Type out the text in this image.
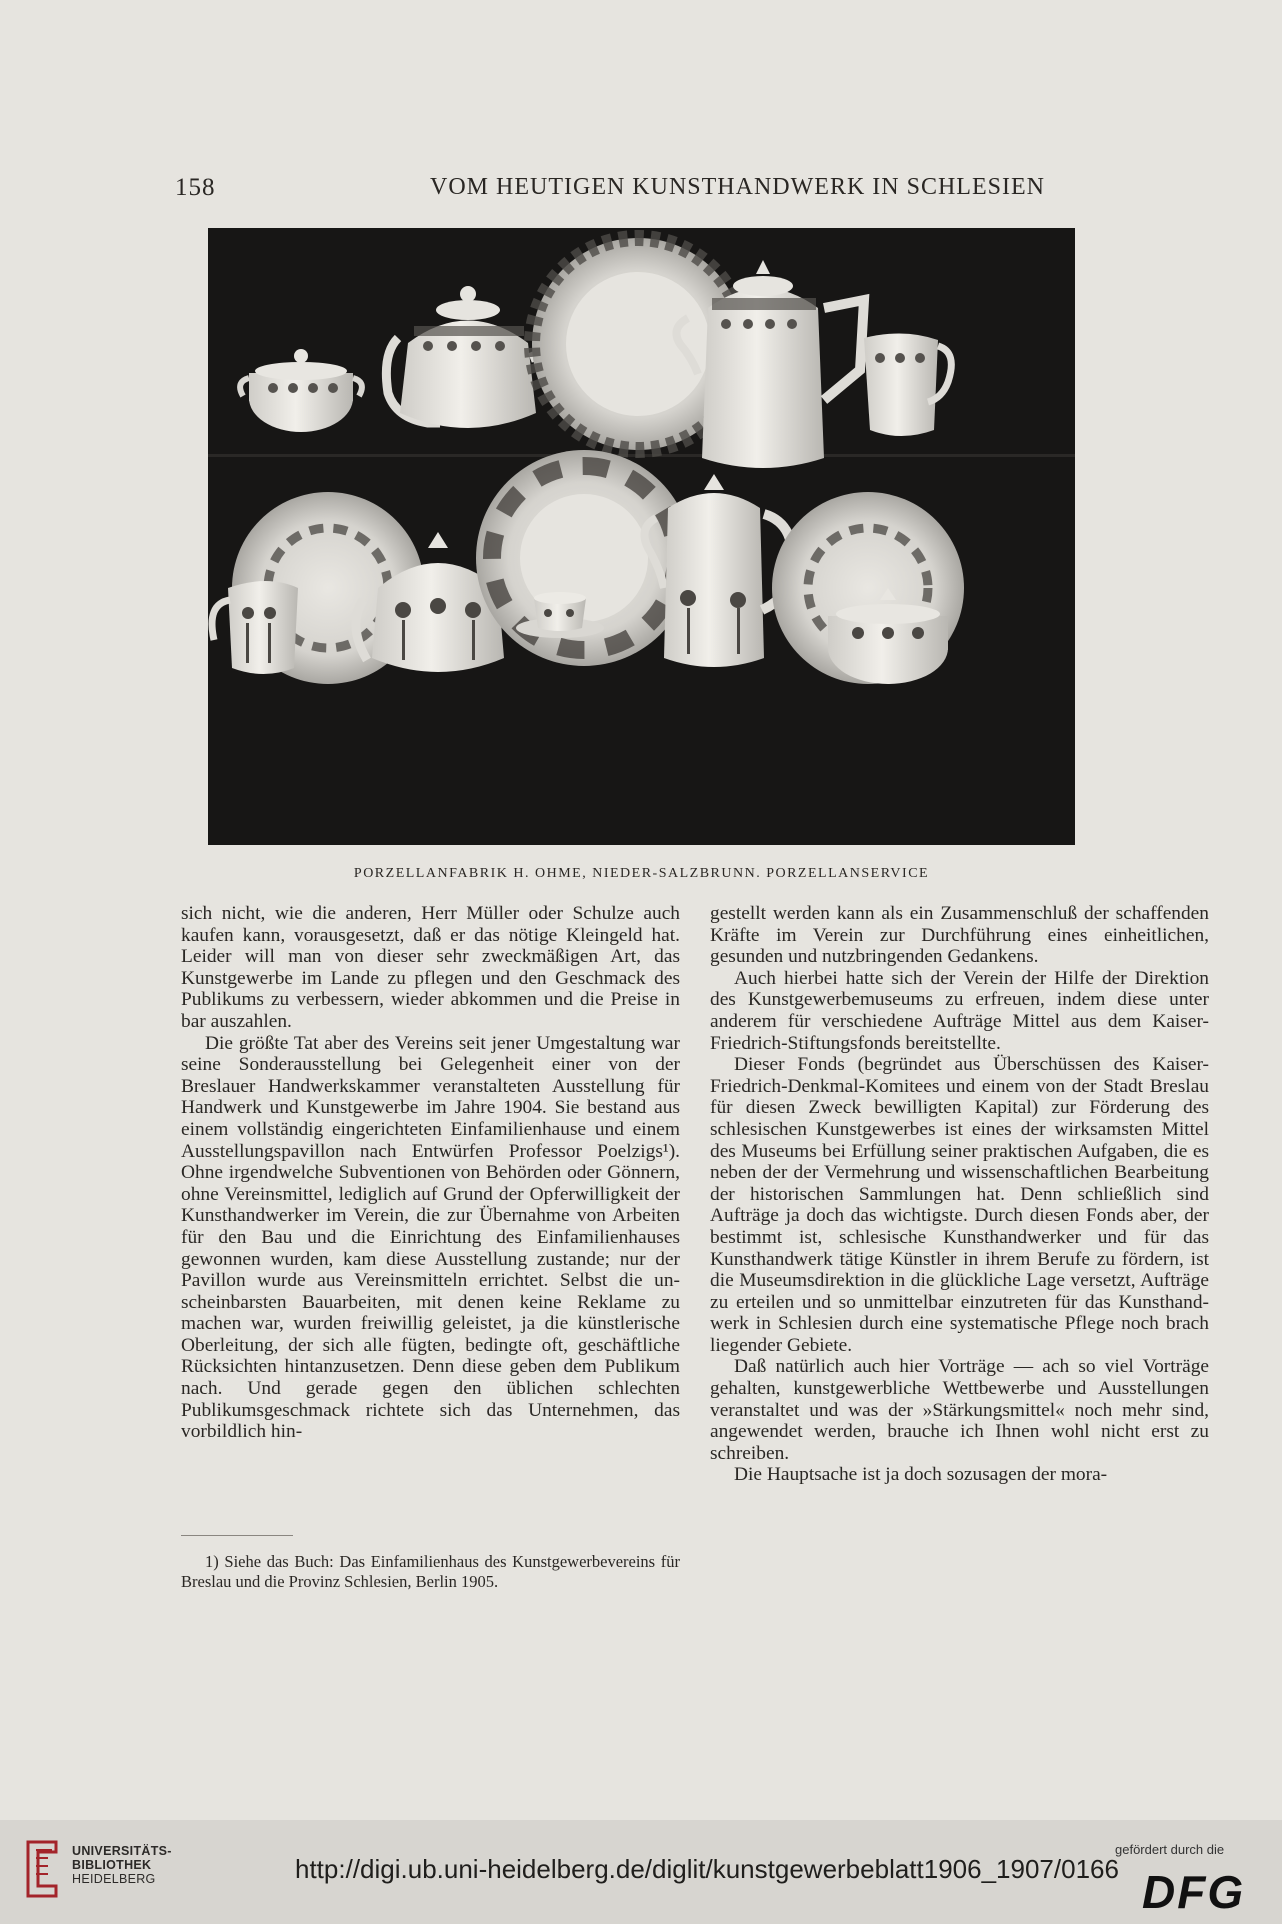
158	VOM HEUTIGEN KUNSTHANDWERK IN SCHLESIEN
PORZELLANFABRIK H. OHME, NIEDER-SALZBRUNN. PORZELLANSERVICE

sich nicht, wie die anderen, Herr Müller oder Schulze auch kaufen kann, vorausgesetzt, daß er das nötige Kleingeld hat. Leider will man von dieser sehr zweckmäßigen Art, das Kunstgewerbe im Lande zu pflegen und den Geschmack des Publikums zu verbessern, wieder abkommen und die Preise in bar auszahlen.

Die größte Tat aber des Vereins seit jener Umgestaltung war seine Sonderausstellung bei Gelegenheit einer von der Breslauer Handwerkskammer veranstalteten Ausstellung für Handwerk und Kunstgewerbe im Jahre 1904. Sie bestand aus einem vollständig eingerichteten Einfamilienhause und einem Ausstellungspavillon nach Entwürfen Professor Poelzigs¹). Ohne irgendwelche Subventionen von Behörden oder Gönnern, ohne Vereinsmittel, lediglich auf Grund der Opferwilligkeit der Kunsthandwerker im Verein, die zur Übernahme von Arbeiten für den Bau und die Einrichtung des Einfamilienhauses gewonnen wurden, kam diese Ausstellung zustande; nur der Pavillon wurde aus Vereinsmitteln errichtet. Selbst die unscheinbarsten Bauarbeiten, mit denen keine Reklame zu machen war, wurden freiwillig geleistet, ja die künstlerische Oberleitung, der sich alle fügten, bedingte oft, geschäftliche Rücksichten hintanzusetzen. Denn diese geben dem Publikum nach. Und gerade gegen den üblichen schlechten Publikumsgeschmack richtete sich das Unternehmen, das vorbildlich hin-

gestellt werden kann als ein Zusammenschluß der schaffenden Kräfte im Verein zur Durchführung eines einheitlichen, gesunden und nutzbringenden Gedankens.

Auch hierbei hatte sich der Verein der Hilfe der Direktion des Kunstgewerbemuseums zu erfreuen, indem diese unter anderem für verschiedene Aufträge Mittel aus dem Kaiser-Friedrich-Stiftungsfonds bereitstellte.

Dieser Fonds (begründet aus Überschüssen des Kaiser-Friedrich-Denkmal-Komitees und einem von der Stadt Breslau für diesen Zweck bewilligten Kapital) zur Förderung des schlesischen Kunstgewerbes ist eines der wirksamsten Mittel des Museums bei Erfüllung seiner praktischen Aufgaben, die es neben der der Vermehrung und wissenschaftlichen Bearbeitung der historischen Sammlungen hat. Denn schließlich sind Aufträge ja doch das wichtigste. Durch diesen Fonds aber, der bestimmt ist, schlesische Kunsthandwerker und für das Kunsthandwerk tätige Künstler in ihrem Berufe zu fördern, ist die Museumsdirektion in die glückliche Lage versetzt, Aufträge zu erteilen und so unmittelbar einzutreten für das Kunsthandwerk in Schlesien durch eine systematische Pflege noch brach liegender Gebiete.

Daß natürlich auch hier Vorträge — ach so viel Vorträge gehalten, kunstgewerbliche Wettbewerbe und Ausstellungen veranstaltet und was der »Stärkungsmittel« noch mehr sind, angewendet werden, brauche ich Ihnen wohl nicht erst zu schreiben.

Die Hauptsache ist ja doch sozusagen der mora-

1) Siehe das Buch: Das Einfamilienhaus des Kunstgewerbevereins für Breslau und die Provinz Schlesien, Berlin 1905.
UNIVERSITÄTS-
BIBLIOTHEK
HEIDELBERG	http://digi.ub.uni-heidelberg.de/diglit/kunstgewerbeblatt1906_1907/0166
gefördert durch die
DFG
